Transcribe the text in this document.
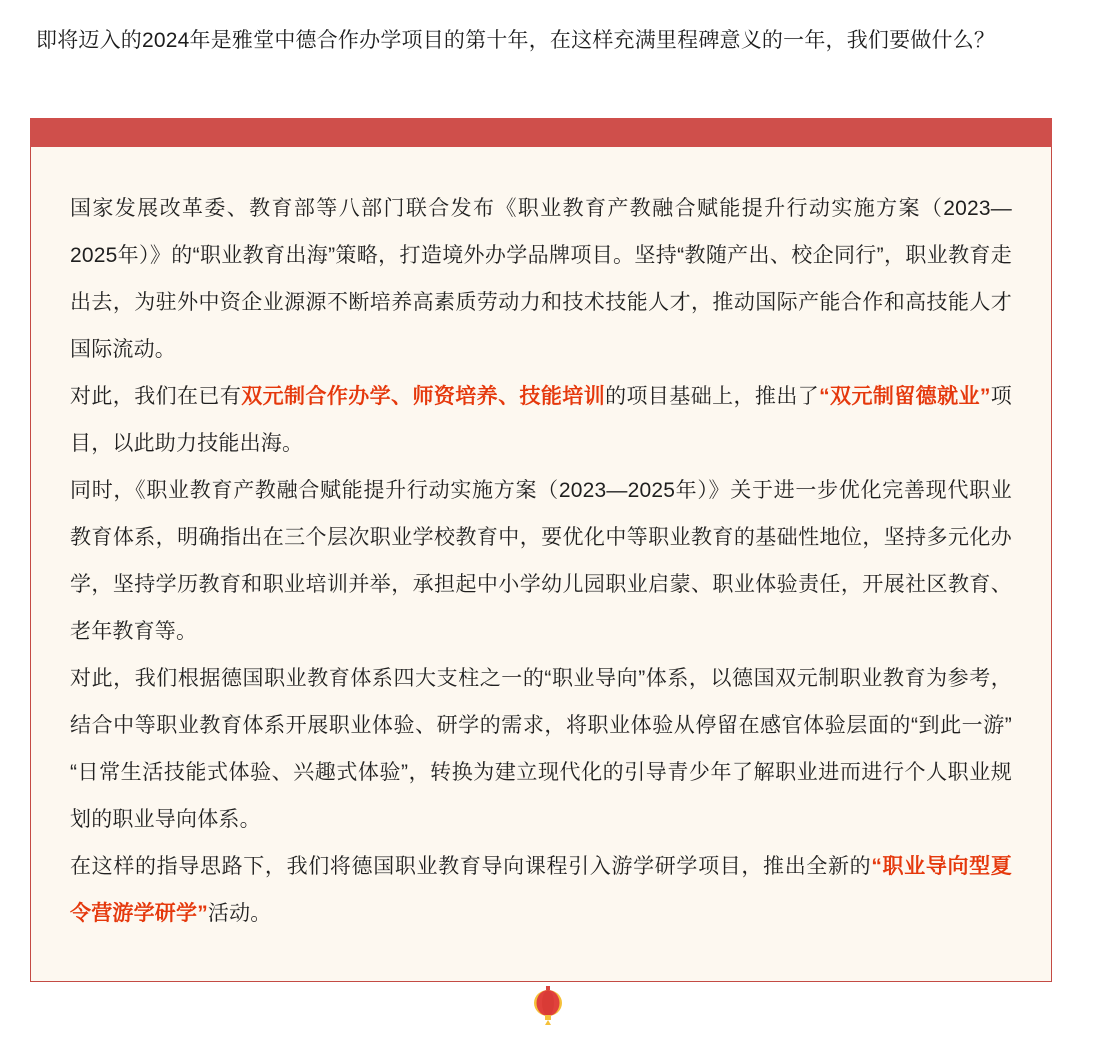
即将迈入的2024年是雅堂中德合作办学项目的第十年，在这样充满里程碑意义的一年，我们要做什么？

国家发展改革委、教育部等八部门联合发布《职业教育产教融合赋能提升行动实施方案（2023—2025年）》的“职业教育出海”策略，打造境外办学品牌项目。坚持“教随产出、校企同行”，职业教育走出去，为驻外中资企业源源不断培养高素质劳动力和技术技能人才，推动国际产能合作和高技能人才国际流动。

对此，我们在已有双元制合作办学、师资培养、技能培训的项目基础上，推出了“双元制留德就业”项目，以此助力技能出海。

同时，《职业教育产教融合赋能提升行动实施方案（2023—2025年）》关于进一步优化完善现代职业教育体系，明确指出在三个层次职业学校教育中，要优化中等职业教育的基础性地位，坚持多元化办学，坚持学历教育和职业培训并举，承担起中小学幼儿园职业启蒙、职业体验责任，开展社区教育、老年教育等。

对此，我们根据德国职业教育体系四大支柱之一的“职业导向”体系，以德国双元制职业教育为参考，结合中等职业教育体系开展职业体验、研学的需求，将职业体验从停留在感官体验层面的“到此一游”“日常生活技能式体验、兴趣式体验”，转换为建立现代化的引导青少年了解职业进而进行个人职业规划的职业导向体系。

在这样的指导思路下，我们将德国职业教育导向课程引入游学研学项目，推出全新的“职业导向型夏令营游学研学”活动。
